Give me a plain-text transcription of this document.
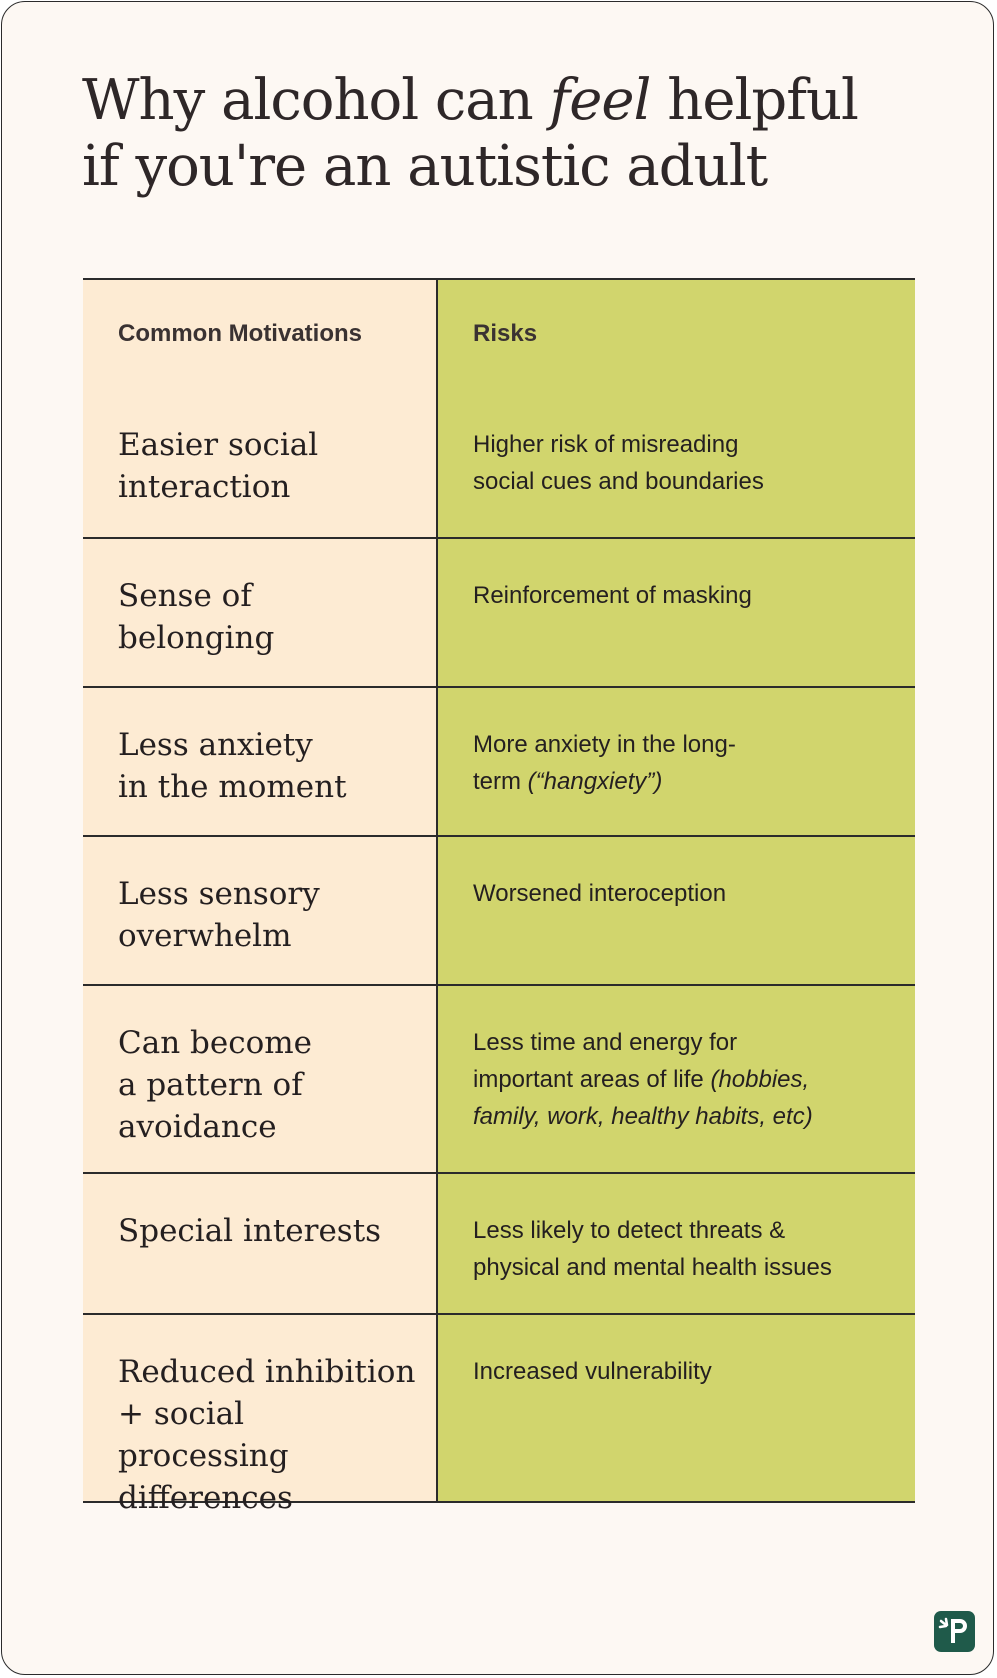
Why alcohol can feel helpful
if you're an autistic adult
Common Motivations	Risks
Easier social
interaction
Higher risk of misreading
social cues and boundaries
Sense of
belonging
Reinforcement of masking
Less anxiety
in the moment
More anxiety in the long-
term (“hangxiety”)
Less sensory
overwhelm
Worsened interoception
Can become
a pattern of
avoidance
Less time and energy for
important areas of life (hobbies,
family, work, healthy habits, etc)
Special interests	Less likely to detect threats &
physical and mental health issues
Reduced inhibition
+ social processing
differences
Increased vulnerability
